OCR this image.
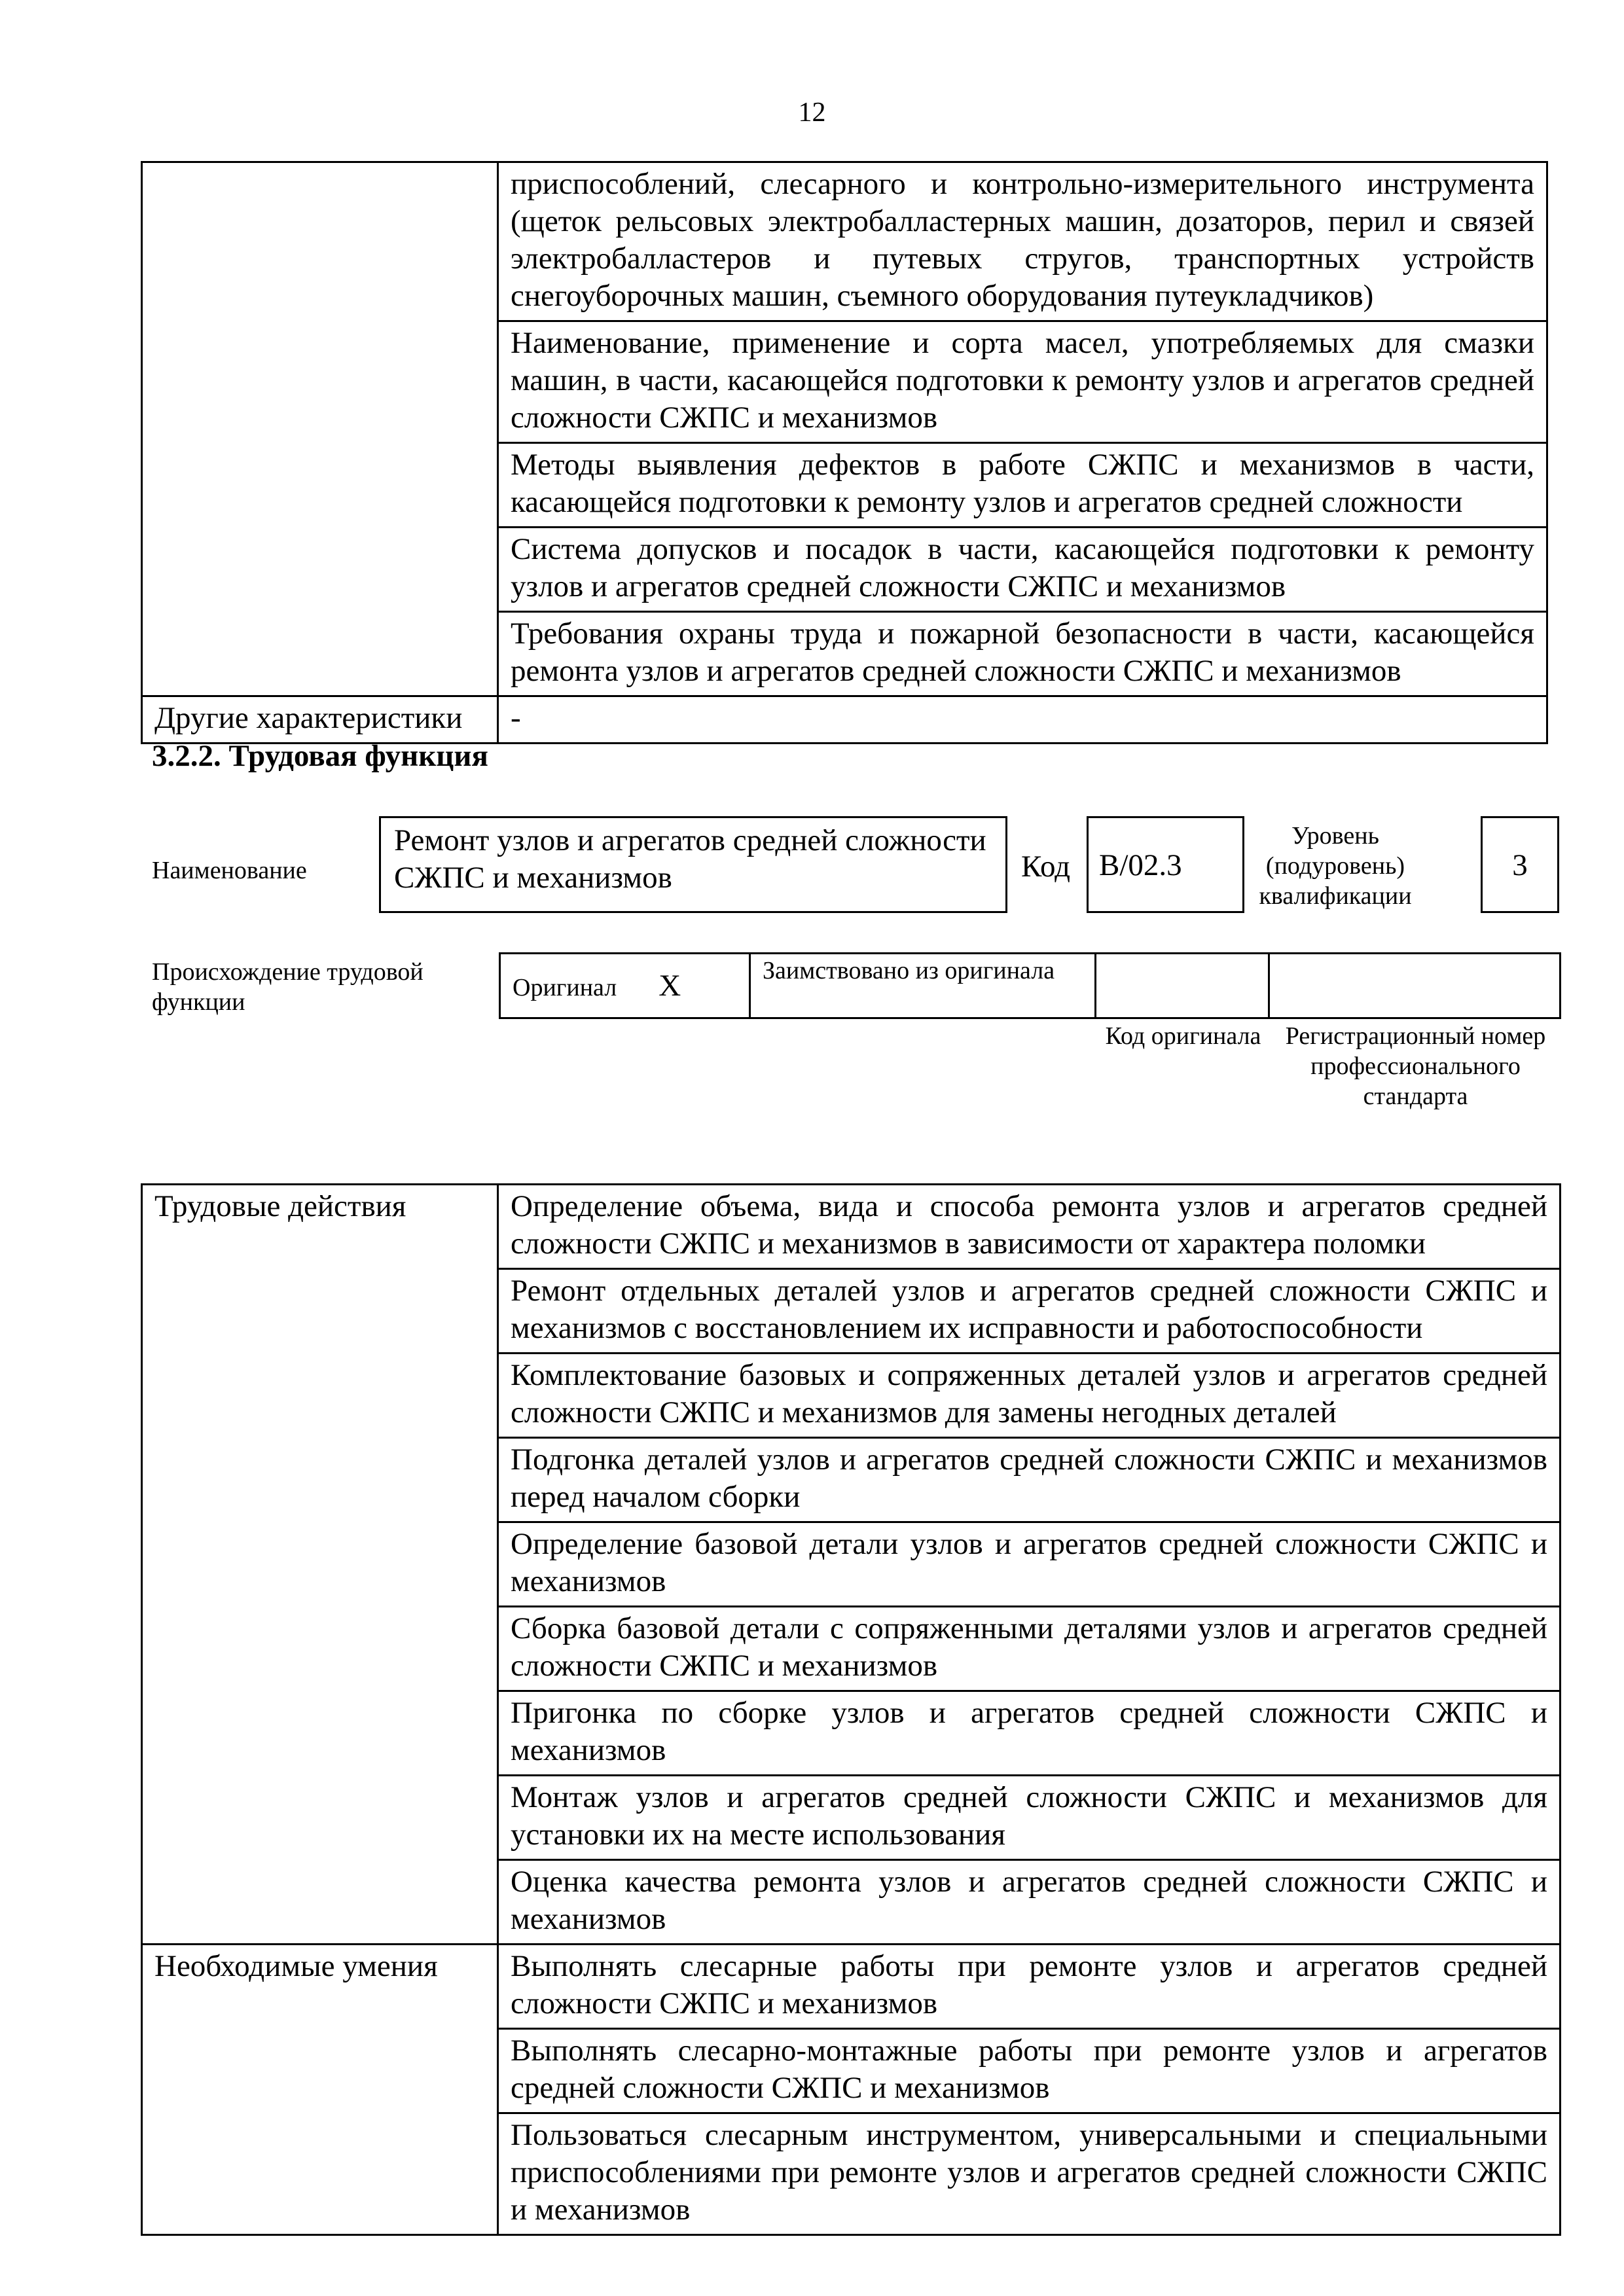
12

	приспособлений, слесарного и контрольно-измерительного инструмента (щеток рельсовых электробалластерных машин, дозаторов, перил и связей электробалластеров и путевых стругов, транспортных устройств снегоуборочных машин, съемного оборудования путеукладчиков)

	Наименование, применение и сорта масел, употребляемых для смазки машин, в части, касающейся подготовки к ремонту узлов и агрегатов средней сложности СЖПС и механизмов

	Методы выявления дефектов в работе СЖПС и механизмов в части, касающейся подготовки к ремонту узлов и агрегатов средней сложности

	Система допусков и посадок в части, касающейся подготовки к ремонту узлов и агрегатов средней сложности СЖПС и механизмов

	Требования охраны труда и пожарной безопасности в части, касающейся ремонта узлов и агрегатов средней сложности СЖПС и механизмов

Другие характеристики	-
3.2.2. Трудовая функция
Наименование
Ремонт узлов и агрегатов средней сложности СЖПС и механизмов	Код B/02.3
Уровень (подуровень) квалификации
3
Происхождение трудовой функции
Оригинал X	Заимствовано из оригинала

Код оригинала Регистрационный номер профессионального стандарта
Трудовые действия	Определение объема, вида и способа ремонта узлов и агрегатов средней сложности СЖПС и механизмов в зависимости от характера поломки

	Ремонт отдельных деталей узлов и агрегатов средней сложности СЖПС и механизмов с восстановлением их исправности и работоспособности

	Комплектование базовых и сопряженных деталей узлов и агрегатов средней сложности СЖПС и механизмов для замены негодных деталей

	Подгонка деталей узлов и агрегатов средней сложности СЖПС и механизмов перед началом сборки

	Определение базовой детали узлов и агрегатов средней сложности СЖПС и механизмов

	Сборка базовой детали с сопряженными деталями узлов и агрегатов средней сложности СЖПС и механизмов

	Пригонка по сборке узлов и агрегатов средней сложности СЖПС и механизмов

	Монтаж узлов и агрегатов средней сложности СЖПС и механизмов для установки их на месте использования

	Оценка качества ремонта узлов и агрегатов средней сложности СЖПС и механизмов

Необходимые умения	Выполнять слесарные работы при ремонте узлов и агрегатов средней сложности СЖПС и механизмов

	Выполнять слесарно-монтажные работы при ремонте узлов и агрегатов средней сложности СЖПС и механизмов

	Пользоваться слесарным инструментом, универсальными и специальными приспособлениями при ремонте узлов и агрегатов средней сложности СЖПС и механизмов
